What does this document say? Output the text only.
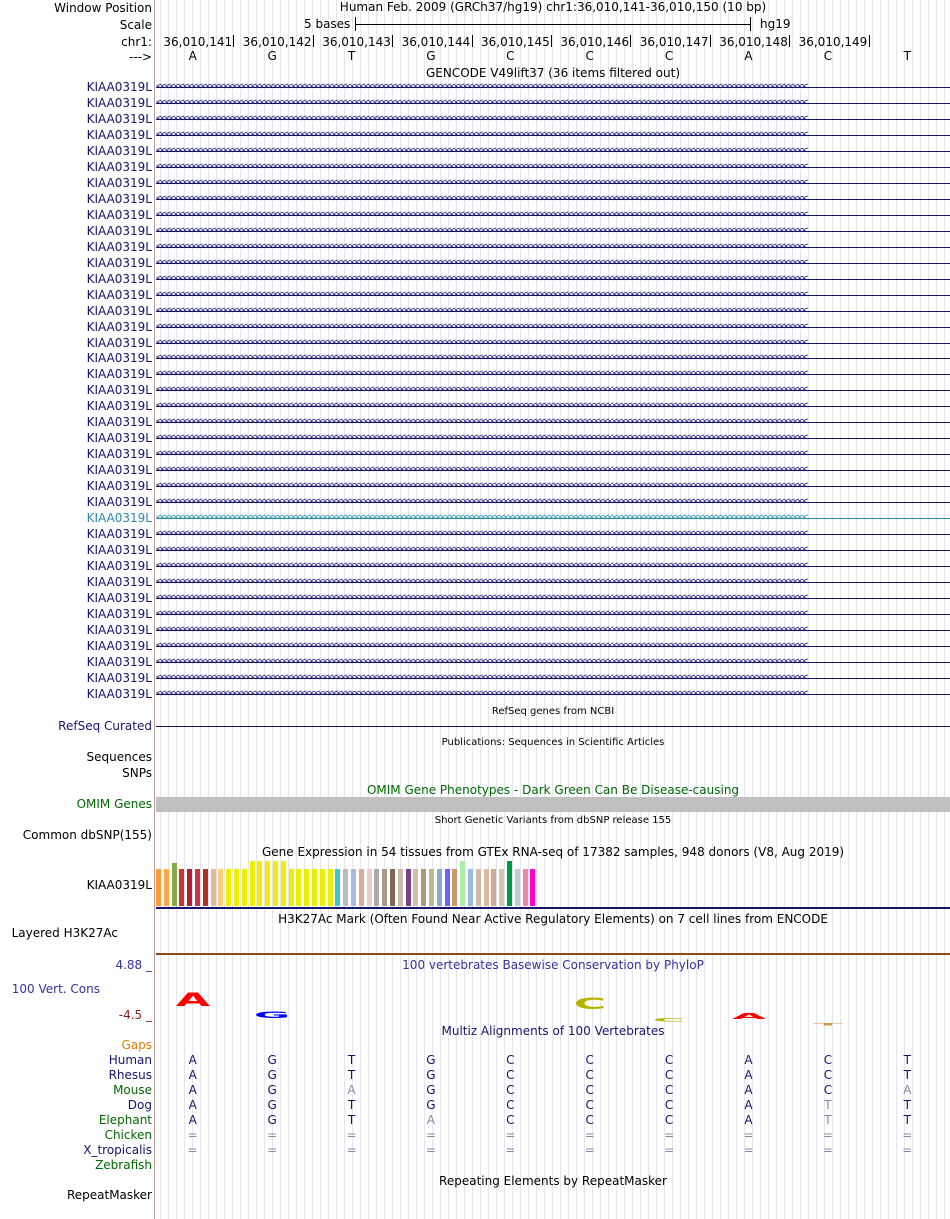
Window Position	Human Feb. 2009 (GRCh37/hg19) chr1:36,010,141-36,010,150 (10 bp)
Scale	5 bases	hg19
chr1: 36,010,141 36,010,142 36,010,143 36,010,144 36,010,145 36,010,146 36,010,147 36,010,148 36,010,149
--->	A	G	T	G	C	C	C	A	C	T
GENCODE V49lift37 (36 items filtered out)
KIAA0319L <<<<<<<<<<<<<<<<<<<<<<<<<<<<<<<<<<<<<<<<<<<<<<<<<<<<<<<<<<<<<<<<<<<<<<<<<<<<<<<<<<<<<<<<<<<<<<<<<<<<<<<<<<<<<<<<<<<<<<<<<<<<<<<<<<<<<<<<<<<<<<<<
KIAA0319L <<<<<<<<<<<<<<<<<<<<<<<<<<<<<<<<<<<<<<<<<<<<<<<<<<<<<<<<<<<<<<<<<<<<<<<<<<<<<<<<<<<<<<<<<<<<<<<<<<<<<<<<<<<<<<<<<<<<<<<<<<<<<<<<<<<<<<<<<<<<<<<<
KIAA0319L <<<<<<<<<<<<<<<<<<<<<<<<<<<<<<<<<<<<<<<<<<<<<<<<<<<<<<<<<<<<<<<<<<<<<<<<<<<<<<<<<<<<<<<<<<<<<<<<<<<<<<<<<<<<<<<<<<<<<<<<<<<<<<<<<<<<<<<<<<<<<<<<
KIAA0319L <<<<<<<<<<<<<<<<<<<<<<<<<<<<<<<<<<<<<<<<<<<<<<<<<<<<<<<<<<<<<<<<<<<<<<<<<<<<<<<<<<<<<<<<<<<<<<<<<<<<<<<<<<<<<<<<<<<<<<<<<<<<<<<<<<<<<<<<<<<<<<<<
KIAA0319L <<<<<<<<<<<<<<<<<<<<<<<<<<<<<<<<<<<<<<<<<<<<<<<<<<<<<<<<<<<<<<<<<<<<<<<<<<<<<<<<<<<<<<<<<<<<<<<<<<<<<<<<<<<<<<<<<<<<<<<<<<<<<<<<<<<<<<<<<<<<<<<<
KIAA0319L <<<<<<<<<<<<<<<<<<<<<<<<<<<<<<<<<<<<<<<<<<<<<<<<<<<<<<<<<<<<<<<<<<<<<<<<<<<<<<<<<<<<<<<<<<<<<<<<<<<<<<<<<<<<<<<<<<<<<<<<<<<<<<<<<<<<<<<<<<<<<<<<
KIAA0319L <<<<<<<<<<<<<<<<<<<<<<<<<<<<<<<<<<<<<<<<<<<<<<<<<<<<<<<<<<<<<<<<<<<<<<<<<<<<<<<<<<<<<<<<<<<<<<<<<<<<<<<<<<<<<<<<<<<<<<<<<<<<<<<<<<<<<<<<<<<<<<<<
KIAA0319L <<<<<<<<<<<<<<<<<<<<<<<<<<<<<<<<<<<<<<<<<<<<<<<<<<<<<<<<<<<<<<<<<<<<<<<<<<<<<<<<<<<<<<<<<<<<<<<<<<<<<<<<<<<<<<<<<<<<<<<<<<<<<<<<<<<<<<<<<<<<<<<<
KIAA0319L <<<<<<<<<<<<<<<<<<<<<<<<<<<<<<<<<<<<<<<<<<<<<<<<<<<<<<<<<<<<<<<<<<<<<<<<<<<<<<<<<<<<<<<<<<<<<<<<<<<<<<<<<<<<<<<<<<<<<<<<<<<<<<<<<<<<<<<<<<<<<<<<
KIAA0319L <<<<<<<<<<<<<<<<<<<<<<<<<<<<<<<<<<<<<<<<<<<<<<<<<<<<<<<<<<<<<<<<<<<<<<<<<<<<<<<<<<<<<<<<<<<<<<<<<<<<<<<<<<<<<<<<<<<<<<<<<<<<<<<<<<<<<<<<<<<<<<<<
KIAA0319L <<<<<<<<<<<<<<<<<<<<<<<<<<<<<<<<<<<<<<<<<<<<<<<<<<<<<<<<<<<<<<<<<<<<<<<<<<<<<<<<<<<<<<<<<<<<<<<<<<<<<<<<<<<<<<<<<<<<<<<<<<<<<<<<<<<<<<<<<<<<<<<<
KIAA0319L <<<<<<<<<<<<<<<<<<<<<<<<<<<<<<<<<<<<<<<<<<<<<<<<<<<<<<<<<<<<<<<<<<<<<<<<<<<<<<<<<<<<<<<<<<<<<<<<<<<<<<<<<<<<<<<<<<<<<<<<<<<<<<<<<<<<<<<<<<<<<<<<
KIAA0319L <<<<<<<<<<<<<<<<<<<<<<<<<<<<<<<<<<<<<<<<<<<<<<<<<<<<<<<<<<<<<<<<<<<<<<<<<<<<<<<<<<<<<<<<<<<<<<<<<<<<<<<<<<<<<<<<<<<<<<<<<<<<<<<<<<<<<<<<<<<<<<<<
KIAA0319L <<<<<<<<<<<<<<<<<<<<<<<<<<<<<<<<<<<<<<<<<<<<<<<<<<<<<<<<<<<<<<<<<<<<<<<<<<<<<<<<<<<<<<<<<<<<<<<<<<<<<<<<<<<<<<<<<<<<<<<<<<<<<<<<<<<<<<<<<<<<<<<<
KIAA0319L <<<<<<<<<<<<<<<<<<<<<<<<<<<<<<<<<<<<<<<<<<<<<<<<<<<<<<<<<<<<<<<<<<<<<<<<<<<<<<<<<<<<<<<<<<<<<<<<<<<<<<<<<<<<<<<<<<<<<<<<<<<<<<<<<<<<<<<<<<<<<<<<
KIAA0319L <<<<<<<<<<<<<<<<<<<<<<<<<<<<<<<<<<<<<<<<<<<<<<<<<<<<<<<<<<<<<<<<<<<<<<<<<<<<<<<<<<<<<<<<<<<<<<<<<<<<<<<<<<<<<<<<<<<<<<<<<<<<<<<<<<<<<<<<<<<<<<<<
KIAA0319L <<<<<<<<<<<<<<<<<<<<<<<<<<<<<<<<<<<<<<<<<<<<<<<<<<<<<<<<<<<<<<<<<<<<<<<<<<<<<<<<<<<<<<<<<<<<<<<<<<<<<<<<<<<<<<<<<<<<<<<<<<<<<<<<<<<<<<<<<<<<<<<<
KIAA0319L <<<<<<<<<<<<<<<<<<<<<<<<<<<<<<<<<<<<<<<<<<<<<<<<<<<<<<<<<<<<<<<<<<<<<<<<<<<<<<<<<<<<<<<<<<<<<<<<<<<<<<<<<<<<<<<<<<<<<<<<<<<<<<<<<<<<<<<<<<<<<<<<
KIAA0319L <<<<<<<<<<<<<<<<<<<<<<<<<<<<<<<<<<<<<<<<<<<<<<<<<<<<<<<<<<<<<<<<<<<<<<<<<<<<<<<<<<<<<<<<<<<<<<<<<<<<<<<<<<<<<<<<<<<<<<<<<<<<<<<<<<<<<<<<<<<<<<<<
KIAA0319L <<<<<<<<<<<<<<<<<<<<<<<<<<<<<<<<<<<<<<<<<<<<<<<<<<<<<<<<<<<<<<<<<<<<<<<<<<<<<<<<<<<<<<<<<<<<<<<<<<<<<<<<<<<<<<<<<<<<<<<<<<<<<<<<<<<<<<<<<<<<<<<<
KIAA0319L <<<<<<<<<<<<<<<<<<<<<<<<<<<<<<<<<<<<<<<<<<<<<<<<<<<<<<<<<<<<<<<<<<<<<<<<<<<<<<<<<<<<<<<<<<<<<<<<<<<<<<<<<<<<<<<<<<<<<<<<<<<<<<<<<<<<<<<<<<<<<<<<
KIAA0319L <<<<<<<<<<<<<<<<<<<<<<<<<<<<<<<<<<<<<<<<<<<<<<<<<<<<<<<<<<<<<<<<<<<<<<<<<<<<<<<<<<<<<<<<<<<<<<<<<<<<<<<<<<<<<<<<<<<<<<<<<<<<<<<<<<<<<<<<<<<<<<<<
KIAA0319L <<<<<<<<<<<<<<<<<<<<<<<<<<<<<<<<<<<<<<<<<<<<<<<<<<<<<<<<<<<<<<<<<<<<<<<<<<<<<<<<<<<<<<<<<<<<<<<<<<<<<<<<<<<<<<<<<<<<<<<<<<<<<<<<<<<<<<<<<<<<<<<<
KIAA0319L <<<<<<<<<<<<<<<<<<<<<<<<<<<<<<<<<<<<<<<<<<<<<<<<<<<<<<<<<<<<<<<<<<<<<<<<<<<<<<<<<<<<<<<<<<<<<<<<<<<<<<<<<<<<<<<<<<<<<<<<<<<<<<<<<<<<<<<<<<<<<<<<
KIAA0319L <<<<<<<<<<<<<<<<<<<<<<<<<<<<<<<<<<<<<<<<<<<<<<<<<<<<<<<<<<<<<<<<<<<<<<<<<<<<<<<<<<<<<<<<<<<<<<<<<<<<<<<<<<<<<<<<<<<<<<<<<<<<<<<<<<<<<<<<<<<<<<<<
KIAA0319L <<<<<<<<<<<<<<<<<<<<<<<<<<<<<<<<<<<<<<<<<<<<<<<<<<<<<<<<<<<<<<<<<<<<<<<<<<<<<<<<<<<<<<<<<<<<<<<<<<<<<<<<<<<<<<<<<<<<<<<<<<<<<<<<<<<<<<<<<<<<<<<<
KIAA0319L <<<<<<<<<<<<<<<<<<<<<<<<<<<<<<<<<<<<<<<<<<<<<<<<<<<<<<<<<<<<<<<<<<<<<<<<<<<<<<<<<<<<<<<<<<<<<<<<<<<<<<<<<<<<<<<<<<<<<<<<<<<<<<<<<<<<<<<<<<<<<<<<
KIAA0319L <<<<<<<<<<<<<<<<<<<<<<<<<<<<<<<<<<<<<<<<<<<<<<<<<<<<<<<<<<<<<<<<<<<<<<<<<<<<<<<<<<<<<<<<<<<<<<<<<<<<<<<<<<<<<<<<<<<<<<<<<<<<<<<<<<<<<<<<<<<<<<<<
KIAA0319L <<<<<<<<<<<<<<<<<<<<<<<<<<<<<<<<<<<<<<<<<<<<<<<<<<<<<<<<<<<<<<<<<<<<<<<<<<<<<<<<<<<<<<<<<<<<<<<<<<<<<<<<<<<<<<<<<<<<<<<<<<<<<<<<<<<<<<<<<<<<<<<<
KIAA0319L <<<<<<<<<<<<<<<<<<<<<<<<<<<<<<<<<<<<<<<<<<<<<<<<<<<<<<<<<<<<<<<<<<<<<<<<<<<<<<<<<<<<<<<<<<<<<<<<<<<<<<<<<<<<<<<<<<<<<<<<<<<<<<<<<<<<<<<<<<<<<<<<
KIAA0319L <<<<<<<<<<<<<<<<<<<<<<<<<<<<<<<<<<<<<<<<<<<<<<<<<<<<<<<<<<<<<<<<<<<<<<<<<<<<<<<<<<<<<<<<<<<<<<<<<<<<<<<<<<<<<<<<<<<<<<<<<<<<<<<<<<<<<<<<<<<<<<<<
KIAA0319L <<<<<<<<<<<<<<<<<<<<<<<<<<<<<<<<<<<<<<<<<<<<<<<<<<<<<<<<<<<<<<<<<<<<<<<<<<<<<<<<<<<<<<<<<<<<<<<<<<<<<<<<<<<<<<<<<<<<<<<<<<<<<<<<<<<<<<<<<<<<<<<<
KIAA0319L <<<<<<<<<<<<<<<<<<<<<<<<<<<<<<<<<<<<<<<<<<<<<<<<<<<<<<<<<<<<<<<<<<<<<<<<<<<<<<<<<<<<<<<<<<<<<<<<<<<<<<<<<<<<<<<<<<<<<<<<<<<<<<<<<<<<<<<<<<<<<<<<
KIAA0319L <<<<<<<<<<<<<<<<<<<<<<<<<<<<<<<<<<<<<<<<<<<<<<<<<<<<<<<<<<<<<<<<<<<<<<<<<<<<<<<<<<<<<<<<<<<<<<<<<<<<<<<<<<<<<<<<<<<<<<<<<<<<<<<<<<<<<<<<<<<<<<<<
KIAA0319L <<<<<<<<<<<<<<<<<<<<<<<<<<<<<<<<<<<<<<<<<<<<<<<<<<<<<<<<<<<<<<<<<<<<<<<<<<<<<<<<<<<<<<<<<<<<<<<<<<<<<<<<<<<<<<<<<<<<<<<<<<<<<<<<<<<<<<<<<<<<<<<<
KIAA0319L <<<<<<<<<<<<<<<<<<<<<<<<<<<<<<<<<<<<<<<<<<<<<<<<<<<<<<<<<<<<<<<<<<<<<<<<<<<<<<<<<<<<<<<<<<<<<<<<<<<<<<<<<<<<<<<<<<<<<<<<<<<<<<<<<<<<<<<<<<<<<<<<
KIAA0319L <<<<<<<<<<<<<<<<<<<<<<<<<<<<<<<<<<<<<<<<<<<<<<<<<<<<<<<<<<<<<<<<<<<<<<<<<<<<<<<<<<<<<<<<<<<<<<<<<<<<<<<<<<<<<<<<<<<<<<<<<<<<<<<<<<<<<<<<<<<<<<<<
KIAA0319L <<<<<<<<<<<<<<<<<<<<<<<<<<<<<<<<<<<<<<<<<<<<<<<<<<<<<<<<<<<<<<<<<<<<<<<<<<<<<<<<<<<<<<<<<<<<<<<<<<<<<<<<<<<<<<<<<<<<<<<<<<<<<<<<<<<<<<<<<<<<<<<<
KIAA0319L <<<<<<<<<<<<<<<<<<<<<<<<<<<<<<<<<<<<<<<<<<<<<<<<<<<<<<<<<<<<<<<<<<<<<<<<<<<<<<<<<<<<<<<<<<<<<<<<<<<<<<<<<<<<<<<<<<<<<<<<<<<<<<<<<<<<<<<<<<<<<<<<
RefSeq genes from NCBI
RefSeq Curated
Publications: Sequences in Scientific Articles
Sequences
SNPs
OMIM Gene Phenotypes - Dark Green Can Be Disease-causing
OMIM Genes
Short Genetic Variants from dbSNP release 155
Common dbSNP(155)
Gene Expression in 54 tissues from GTEx RNA-seq of 17382 samples, 948 donors (V8, Aug 2019)
KIAA0319L
H3K27Ac Mark (Often Found Near Active Regulatory Elements) on 7 cell lines from ENCODE
Layered H3K27Ac
100 vertebrates Basewise Conservation by PhyloP
4.88 _
100 Vert. Cons
-4.5 _
A
G
C
C	A
T
Multiz Alignments of 100 Vertebrates
Gaps
Human	A	G	T	G	C	C	C	A	C	T
Rhesus	A	G	T	G	C	C	C	A	C	T
Mouse	A	G	A	G	C	C	C	A	C	A
Dog	A	G	T	G	C	C	C	A	T	T
Elephant	A	G	T	A	C	C	C	A	T	T
Chicken	=	=	=	=	=	=	=	=	=	=
X_tropicalis	=	=	=	=	=	=	=	=	=	=
Zebrafish
Repeating Elements by RepeatMasker
RepeatMasker
